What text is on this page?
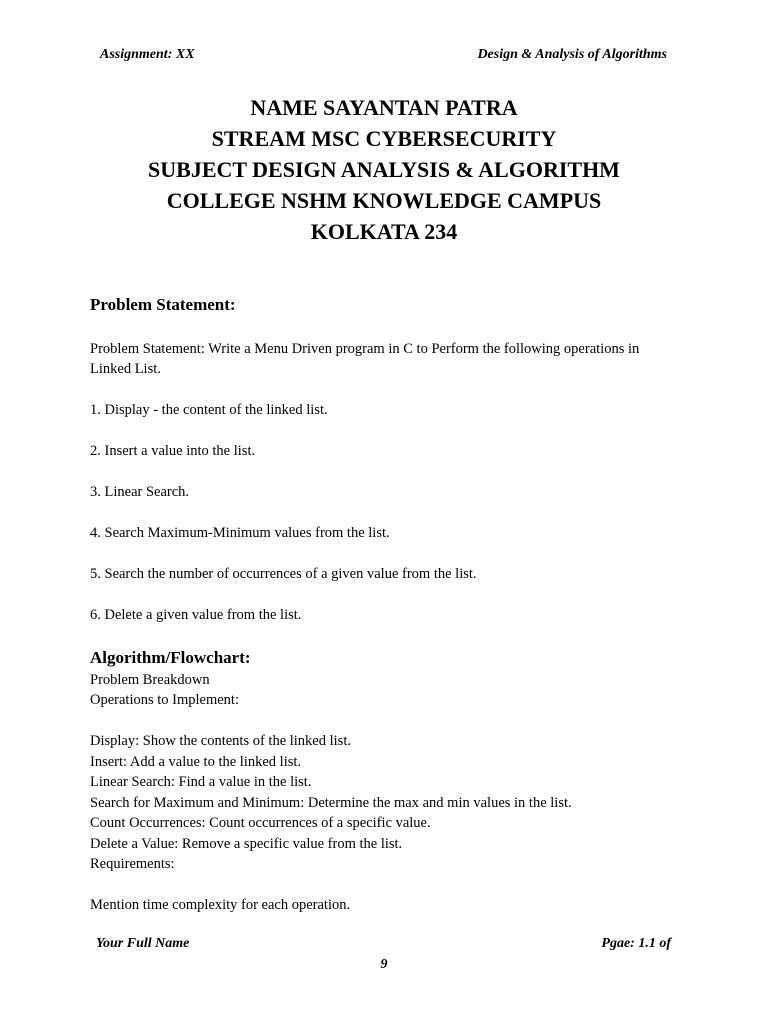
Assignment: XX	Design & Analysis of Algorithms
NAME SAYANTAN PATRA
STREAM MSC CYBERSECURITY
SUBJECT DESIGN ANALYSIS & ALGORITHM
COLLEGE NSHM KNOWLEDGE CAMPUS
KOLKATA 234
Problem Statement:
Problem Statement: Write a Menu Driven program in C to Perform the following operations in Linked List.
1. Display - the content of the linked list.
2. Insert a value into the list.
3. Linear Search.
4. Search Maximum-Minimum values from the list.
5. Search the number of occurrences of a given value from the list.
6. Delete a given value from the list.
Algorithm/Flowchart:
Problem Breakdown
Operations to Implement:
Display: Show the contents of the linked list.
Insert: Add a value to the linked list.
Linear Search: Find a value in the list.
Search for Maximum and Minimum: Determine the max and min values in the list.
Count Occurrences: Count occurrences of a specific value.
Delete a Value: Remove a specific value from the list.
Requirements:
Mention time complexity for each operation.
Your Full Name	Pgae: 1.1 of
9
